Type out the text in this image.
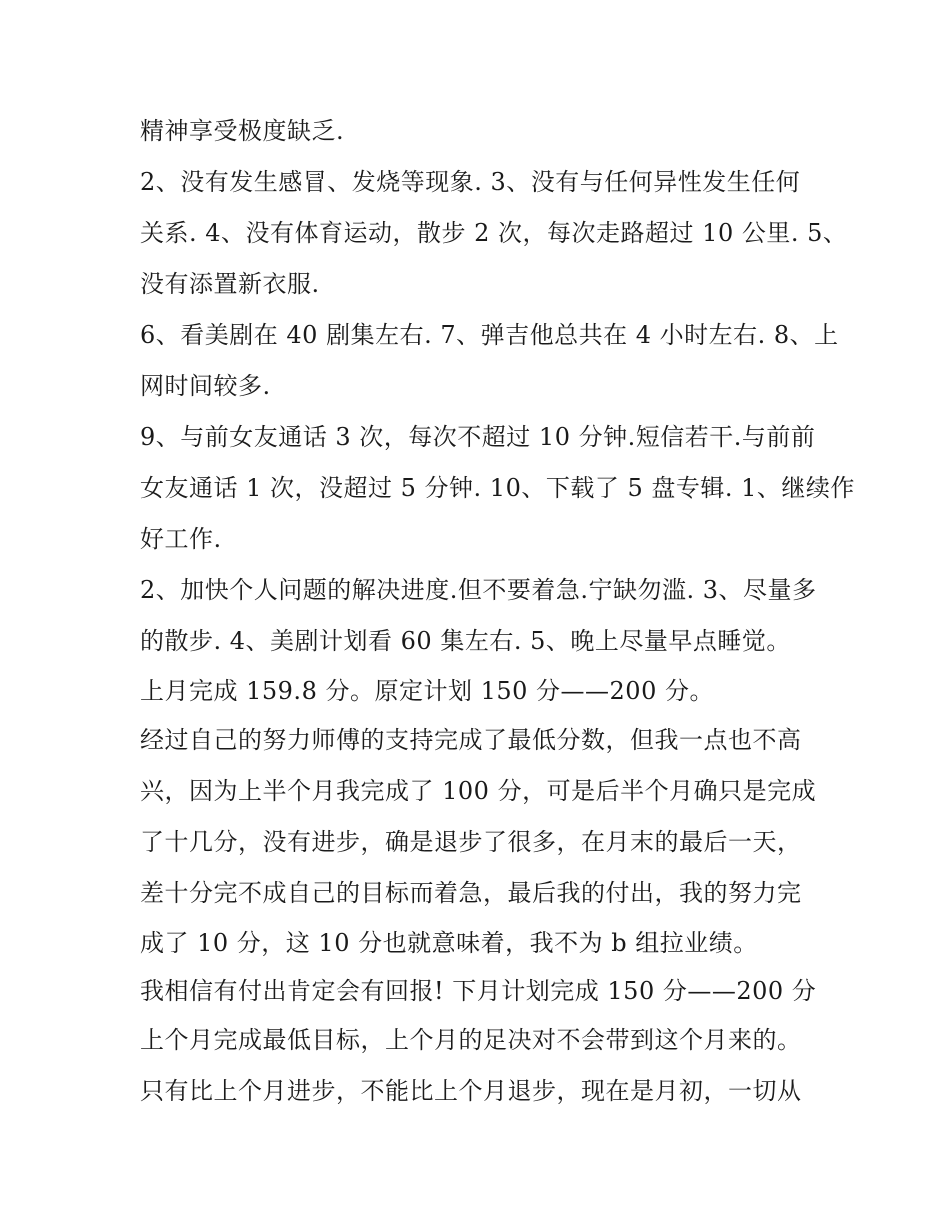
精神享受极度缺乏.
2、没有发生感冒、发烧等现象. 3、没有与任何异性发生任何
关系. 4、没有体育运动，散步 2 次，每次走路超过 10 公里. 5、
没有添置新衣服.
6、看美剧在 40 剧集左右. 7、弹吉他总共在 4 小时左右. 8、上
网时间较多.
9、与前女友通话 3 次，每次不超过 10 分钟.短信若干.与前前
女友通话 1 次，没超过 5 分钟. 10、下载了 5 盘专辑. 1、继续作
好工作.
2、加快个人问题的解决进度.但不要着急.宁缺勿滥. 3、尽量多
的散步. 4、美剧计划看 60 集左右. 5、晚上尽量早点睡觉。
上月完成 159.8 分。原定计划 150 分——200 分。
经过自己的努力师傅的支持完成了最低分数，但我一点也不高
兴，因为上半个月我完成了 100 分，可是后半个月确只是完成
了十几分，没有进步，确是退步了很多，在月末的最后一天，
差十分完不成自己的目标而着急，最后我的付出，我的努力完
成了 10 分，这 10 分也就意味着，我不为 b 组拉业绩。
我相信有付出肯定会有回报! 下月计划完成 150 分——200 分
上个月完成最低目标，上个月的足决对不会带到这个月来的。
只有比上个月进步，不能比上个月退步，现在是月初，一切从
